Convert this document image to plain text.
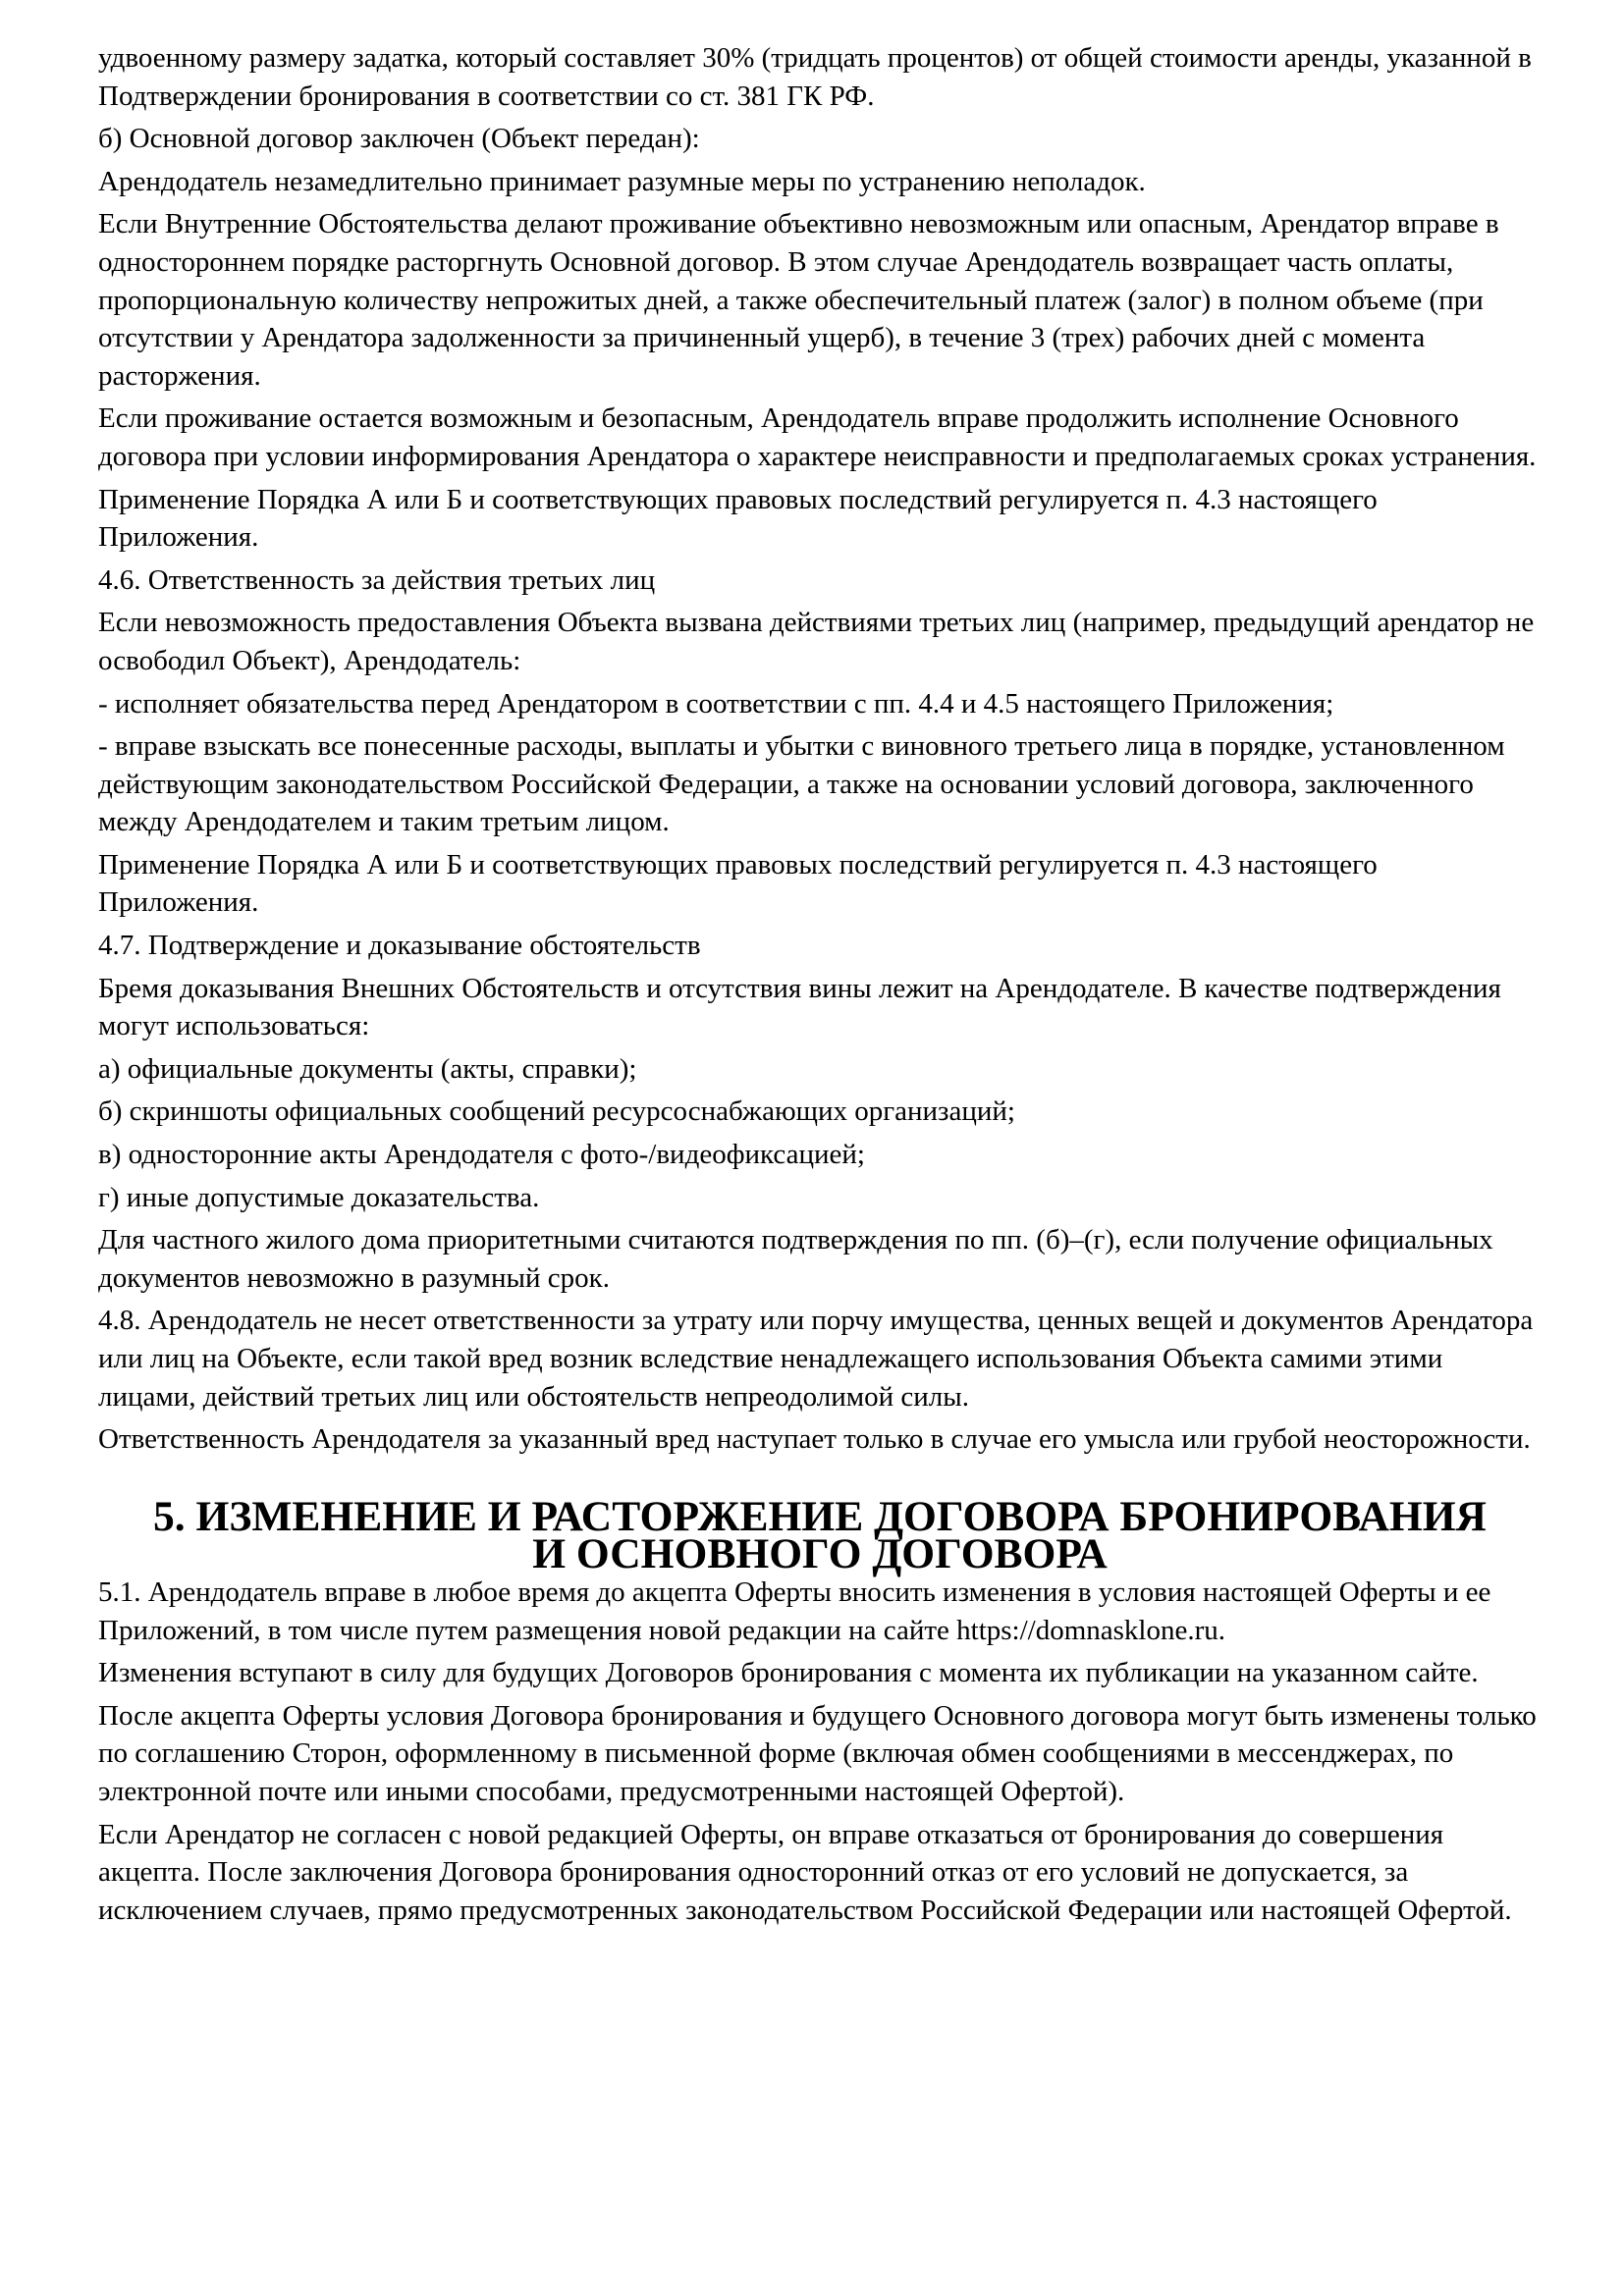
удвоенному размеру задатка, который составляет 30% (тридцать процентов) от общей стоимости аренды, указанной в Подтверждении бронирования в соответствии со ст. 381 ГК РФ.

б) Основной договор заключен (Объект передан):

Арендодатель незамедлительно принимает разумные меры по устранению неполадок.

Если Внутренние Обстоятельства делают проживание объективно невозможным или опасным, Арендатор вправе в одностороннем порядке расторгнуть Основной договор. В этом случае Арендодатель возвращает часть оплаты, пропорциональную количеству непрожитых дней, а также обеспечительный платеж (залог) в полном объеме (при отсутствии у Арендатора задолженности за причиненный ущерб), в течение 3 (трех) рабочих дней с момента расторжения.

Если проживание остается возможным и безопасным, Арендодатель вправе продолжить исполнение Основного договора при условии информирования Арендатора о характере неисправности и предполагаемых сроках устранения.

Применение Порядка А или Б и соответствующих правовых последствий регулируется п. 4.3 настоящего Приложения.

4.6. Ответственность за действия третьих лиц

Если невозможность предоставления Объекта вызвана действиями третьих лиц (например, предыдущий арендатор не освободил Объект), Арендодатель:

- исполняет обязательства перед Арендатором в соответствии с пп. 4.4 и 4.5 настоящего Приложения;

- вправе взыскать все понесенные расходы, выплаты и убытки с виновного третьего лица в порядке, установленном действующим законодательством Российской Федерации, а также на основании условий договора, заключенного между Арендодателем и таким третьим лицом.

Применение Порядка А или Б и соответствующих правовых последствий регулируется п. 4.3 настоящего Приложения.

4.7. Подтверждение и доказывание обстоятельств

Бремя доказывания Внешних Обстоятельств и отсутствия вины лежит на Арендодателе. В качестве подтверждения могут использоваться:

а) официальные документы (акты, справки);

б) скриншоты официальных сообщений ресурсоснабжающих организаций;

в) односторонние акты Арендодателя с фото-/видеофиксацией;

г) иные допустимые доказательства.

Для частного жилого дома приоритетными считаются подтверждения по пп. (б)–(г), если получение официальных документов невозможно в разумный срок.

4.8. Арендодатель не несет ответственности за утрату или порчу имущества, ценных вещей и документов Арендатора или лиц на Объекте, если такой вред возник вследствие ненадлежащего использования Объекта самими этими лицами, действий третьих лиц или обстоятельств непреодолимой силы.

Ответственность Арендодателя за указанный вред наступает только в случае его умысла или грубой неосторожности.

5. ИЗМЕНЕНИЕ И РАСТОРЖЕНИЕ ДОГОВОРА БРОНИРОВАНИЯ
И ОСНОВНОГО ДОГОВОРА

5.1. Арендодатель вправе в любое время до акцепта Оферты вносить изменения в условия настоящей Оферты и ее Приложений, в том числе путем размещения новой редакции на сайте https://domnasklone.ru.

Изменения вступают в силу для будущих Договоров бронирования с момента их публикации на указанном сайте.

После акцепта Оферты условия Договора бронирования и будущего Основного договора могут быть изменены только по соглашению Сторон, оформленному в письменной форме (включая обмен сообщениями в мессенджерах, по электронной почте или иными способами, предусмотренными настоящей Офертой).

Если Арендатор не согласен с новой редакцией Оферты, он вправе отказаться от бронирования до совершения акцепта. После заключения Договора бронирования односторонний отказ от его условий не допускается, за исключением случаев, прямо предусмотренных законодательством Российской Федерации или настоящей Офертой.
